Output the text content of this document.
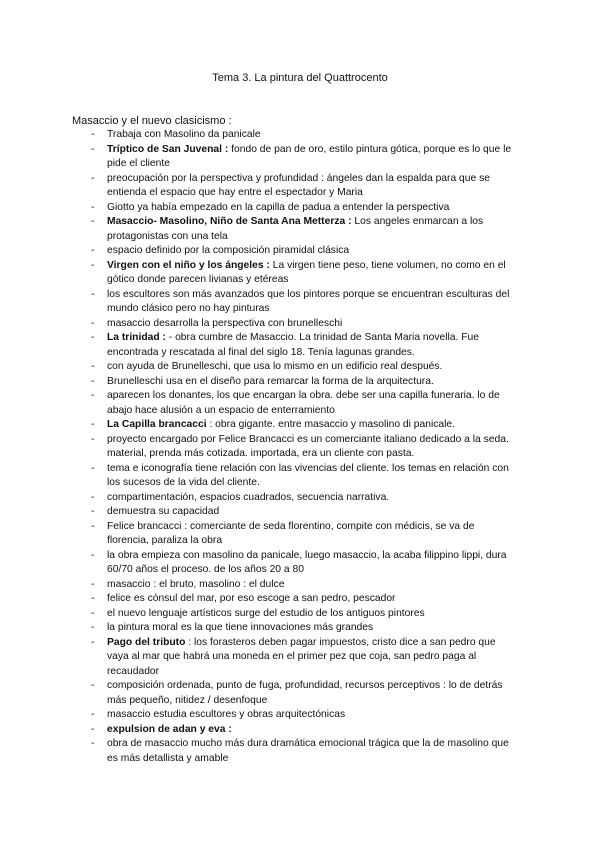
Tema 3. La pintura del Quattrocento
Masaccio y el nuevo clasicismo :
- Trabaja con Masolino da panicale
- Tríptico de San Juvenal : fondo de pan de oro, estilo pintura gótica, porque es lo que le pide el cliente
- preocupación por la perspectiva y profundidad : ángeles dan la espalda para que se entienda el espacio que hay entre el espectador y Maria
- Giotto ya había empezado en la capilla de padua a entender la perspectiva
- Masaccio- Masolino, Niño de Santa Ana Metterza : Los angeles enmarcan a los protagonistas con una tela
- espacio definido por la composición piramidal clásica
- Virgen con el niño y los ángeles : La virgen tiene peso, tiene volumen, no como en el gótico donde parecen livianas y etéreas
- los escultores son más avanzados que los pintores porque se encuentran esculturas del mundo clásico pero no hay pinturas
- masaccio desarrolla la perspectiva con brunelleschi
- La trinidad : - obra cumbre de Masaccio. La trinidad de Santa Maria novella. Fue encontrada y rescatada al final del siglo 18. Tenía lagunas grandes.
- con ayuda de Brunelleschi, que usa lo mismo en un edificio real después.
- Brunelleschi usa en el diseño para remarcar la forma de la arquitectura.
- aparecen los donantes, los que encargan la obra. debe ser una capilla funeraria. lo de abajo hace alusión a un espacio de enterramiento
- La Capilla brancacci : obra gigante. entre masaccio y masolino di panicale.
- proyecto encargado por Felice Brancacci es un comerciante italiano dedicado a la seda. material, prenda más cotizada. importada, era un cliente con pasta.
- tema e iconografía tiene relación con las vivencias del cliente. los temas en relación con los sucesos de la vida del cliente.
- compartimentación, espacios cuadrados, secuencia narrativa.
- demuestra su capacidad
- Felice brancacci : comerciante de seda florentino, compite con médicis, se va de florencia, paraliza la obra
- la obra empieza con masolino da panicale, luego masaccio, la acaba filippino lippi, dura 60/70 años el proceso. de los años 20 a 80
- masaccio : el bruto, masolino : el dulce
- felice es cónsul del mar, por eso escoge a san pedro, pescador
- el nuevo lenguaje artísticos surge del estudio de los antiguos pintores
- la pintura moral es la que tiene innovaciones más grandes
- Pago del tributo : los forasteros deben pagar impuestos, cristo dice a san pedro que vaya al mar que habrá una moneda en el primer pez que coja, san pedro paga al recaudador
- composición ordenada, punto de fuga, profundidad, recursos perceptivos : lo de detrás más pequeño, nitidez / desenfoque
- masaccio estudia escultores y obras arquitectónicas
- expulsion de adan y eva :
- obra de masaccio mucho más dura dramática emocional trágica que la de masolino que es más detallista y amable
